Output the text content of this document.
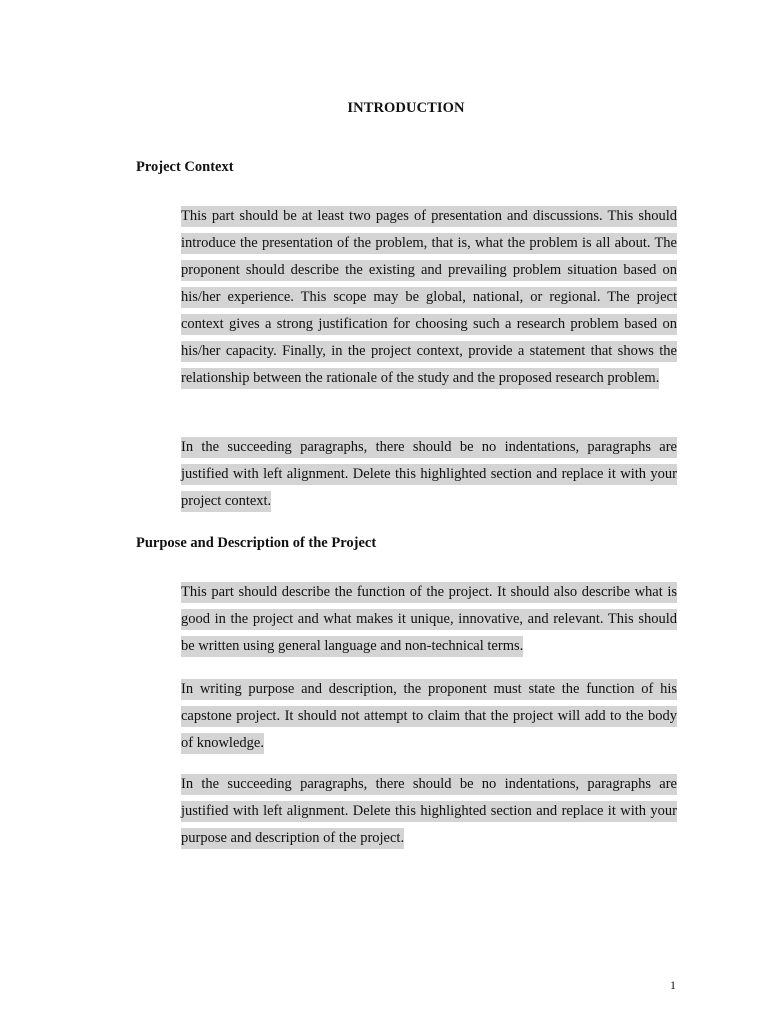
INTRODUCTION
Project Context

This part should be at least two pages of presentation and discussions. This should introduce the presentation of the problem, that is, what the problem is all about. The proponent should describe the existing and prevailing problem situation based on his/her experience. This scope may be global, national, or regional. The project context gives a strong justification for choosing such a research problem based on his/her capacity. Finally, in the project context, provide a statement that shows the relationship between the rationale of the study and the proposed research problem.

In the succeeding paragraphs, there should be no indentations, paragraphs are justified with left alignment. Delete this highlighted section and replace it with your project context.

Purpose and Description of the Project

This part should describe the function of the project. It should also describe what is good in the project and what makes it unique, innovative, and relevant. This should be written using general language and non-technical terms.

In writing purpose and description, the proponent must state the function of his capstone project. It should not attempt to claim that the project will add to the body of knowledge.

In the succeeding paragraphs, there should be no indentations, paragraphs are justified with left alignment. Delete this highlighted section and replace it with your purpose and description of the project.

1
